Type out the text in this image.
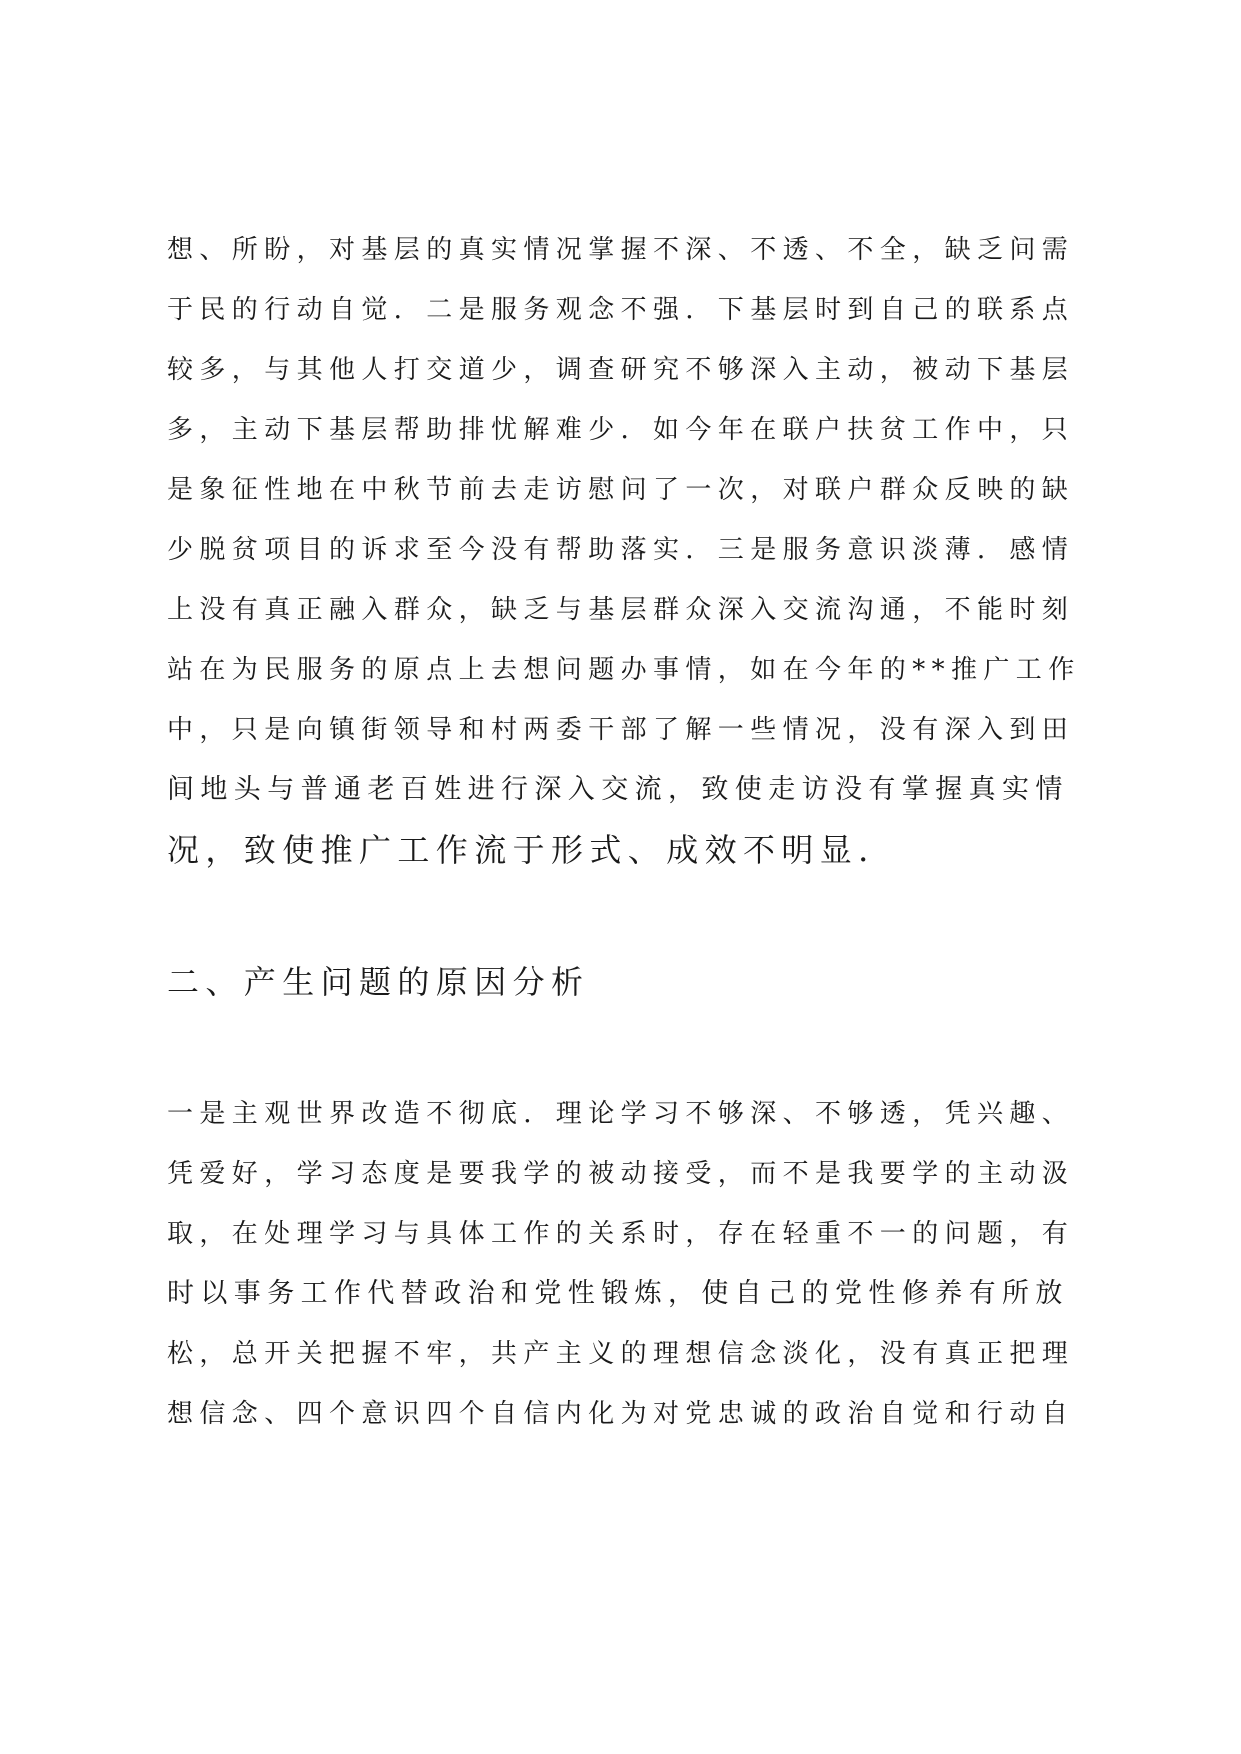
想、所盼，对基层的真实情况掌握不深、不透、不全，缺乏问需
于民的行动自觉．二是服务观念不强．下基层时到自己的联系点
较多，与其他人打交道少，调查研究不够深入主动，被动下基层
多，主动下基层帮助排忧解难少．如今年在联户扶贫工作中，只
是象征性地在中秋节前去走访慰问了一次，对联户群众反映的缺
少脱贫项目的诉求至今没有帮助落实．三是服务意识淡薄．感情
上没有真正融入群众，缺乏与基层群众深入交流沟通，不能时刻
站在为民服务的原点上去想问题办事情，如在今年的**推广工作
中，只是向镇街领导和村两委干部了解一些情况，没有深入到田
间地头与普通老百姓进行深入交流，致使走访没有掌握真实情
况，致使推广工作流于形式、成效不明显．
二、产生问题的原因分析
一是主观世界改造不彻底．理论学习不够深、不够透，凭兴趣、
凭爱好，学习态度是要我学的被动接受，而不是我要学的主动汲
取，在处理学习与具体工作的关系时，存在轻重不一的问题，有
时以事务工作代替政治和党性锻炼，使自己的党性修养有所放
松，总开关把握不牢，共产主义的理想信念淡化，没有真正把理
想信念、四个意识四个自信内化为对党忠诚的政治自觉和行动自
